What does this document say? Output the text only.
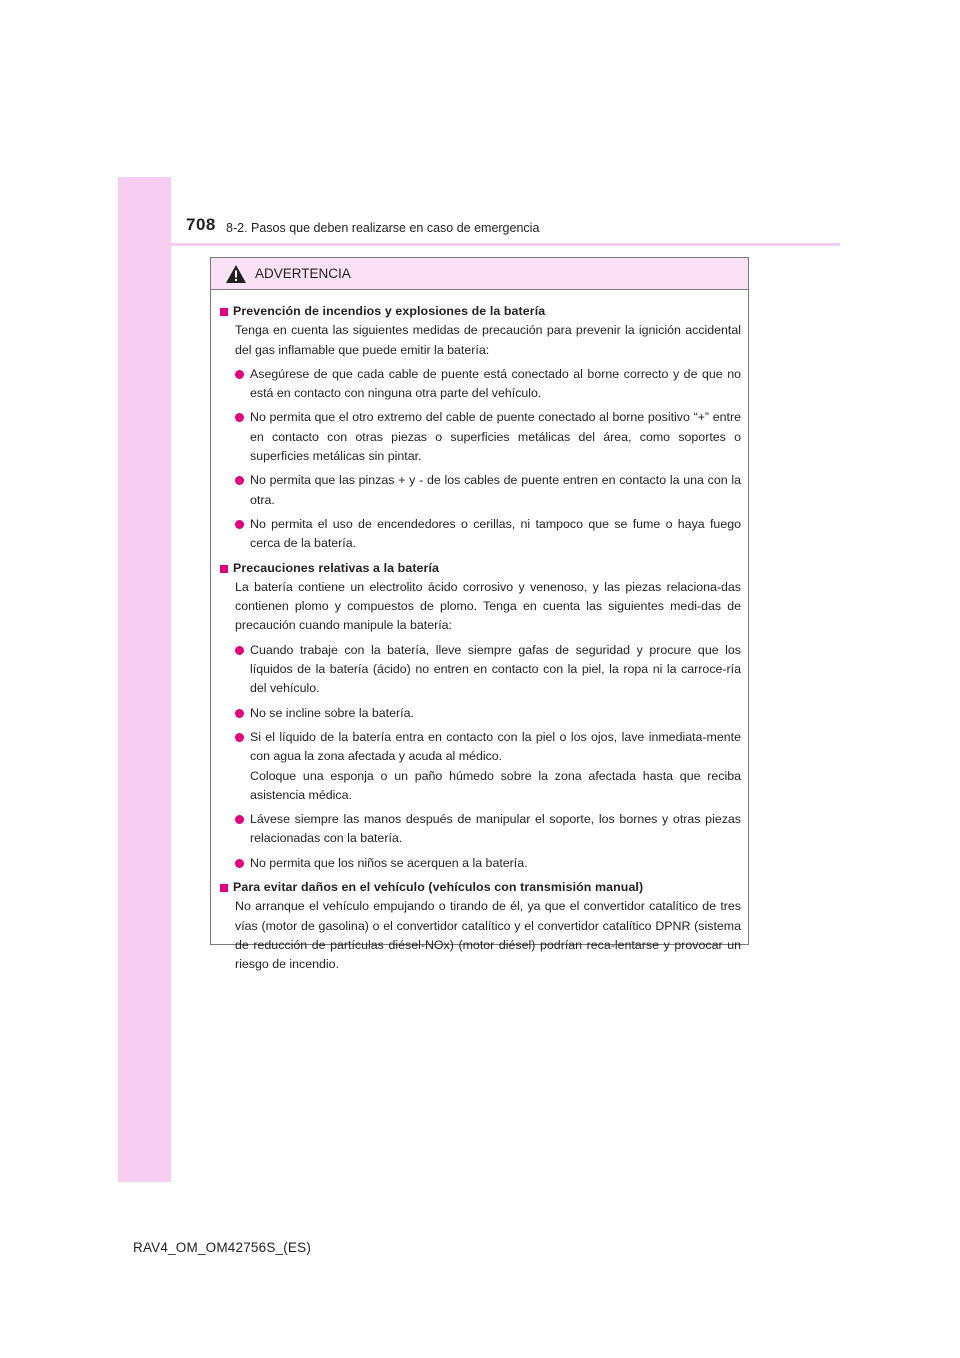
708 8-2. Pasos que deben realizarse en caso de emergencia
ADVERTENCIA
Prevención de incendios y explosiones de la batería
Tenga en cuenta las siguientes medidas de precaución para prevenir la ignición accidental del gas inflamable que puede emitir la batería:
Asegúrese de que cada cable de puente está conectado al borne correcto y de que no está en contacto con ninguna otra parte del vehículo.
No permita que el otro extremo del cable de puente conectado al borne positivo “+” entre en contacto con otras piezas o superficies metálicas del área, como soportes o superficies metálicas sin pintar.
No permita que las pinzas + y - de los cables de puente entren en contacto la una con la otra.
No permita el uso de encendedores o cerillas, ni tampoco que se fume o haya fuego cerca de la batería.
Precauciones relativas a la batería
La batería contiene un electrolito ácido corrosivo y venenoso, y las piezas relaciona-das contienen plomo y compuestos de plomo. Tenga en cuenta las siguientes medi-das de precaución cuando manipule la batería:
Cuando trabaje con la batería, lleve siempre gafas de seguridad y procure que los líquidos de la batería (ácido) no entren en contacto con la piel, la ropa ni la carroce-ría del vehículo.
No se incline sobre la batería.
Si el líquido de la batería entra en contacto con la piel o los ojos, lave inmediata-mente con agua la zona afectada y acuda al médico.
Coloque una esponja o un paño húmedo sobre la zona afectada hasta que reciba asistencia médica.
Lávese siempre las manos después de manipular el soporte, los bornes y otras piezas relacionadas con la batería.
No permita que los niños se acerquen a la batería.
Para evitar daños en el vehículo (vehículos con transmisión manual)
No arranque el vehículo empujando o tirando de él, ya que el convertidor catalítico de tres vías (motor de gasolina) o el convertidor catalítico y el convertidor catalítico DPNR (sistema de reducción de partículas diésel-NOx) (motor diésel) podrían reca-lentarse y provocar un riesgo de incendio.
RAV4_OM_OM42756S_(ES)
